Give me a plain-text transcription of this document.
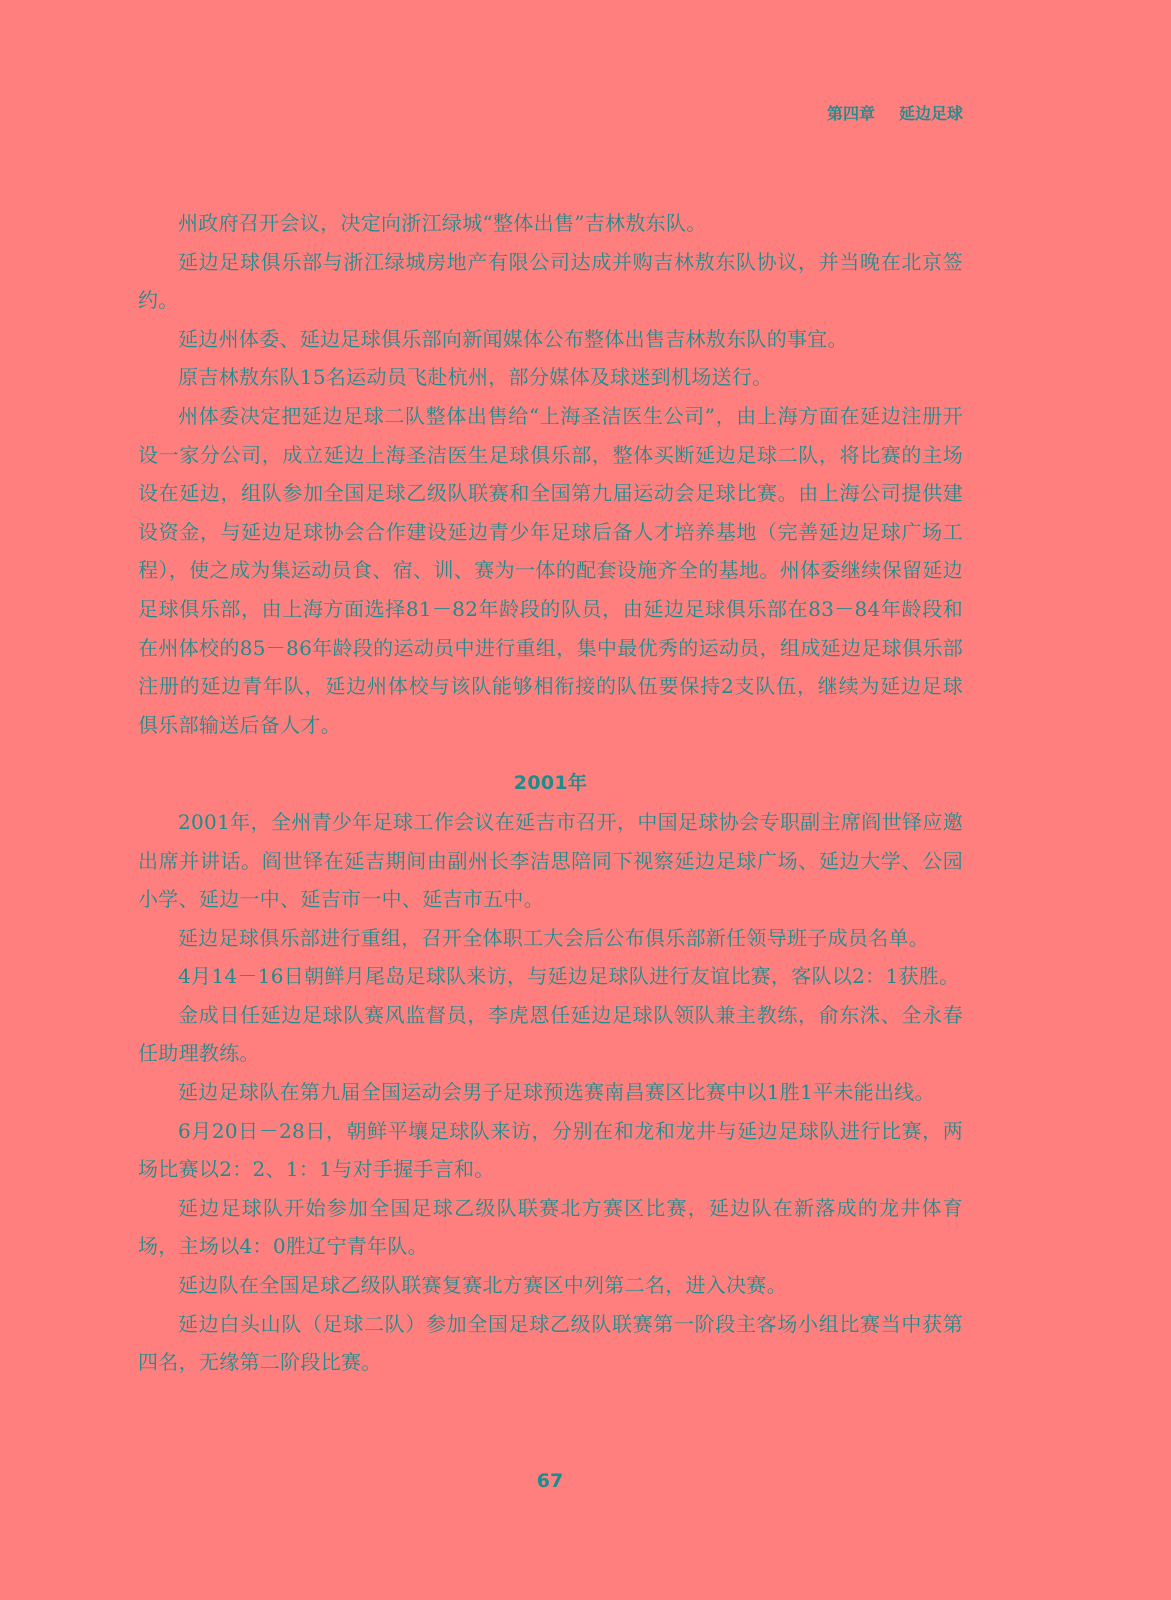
第四章 延边足球

州政府召开会议，决定向浙江绿城“整体出售”吉林敖东队。

延边足球俱乐部与浙江绿城房地产有限公司达成并购吉林敖东队协议，并当晚在北京签约。

延边州体委、延边足球俱乐部向新闻媒体公布整体出售吉林敖东队的事宜。

原吉林敖东队15名运动员飞赴杭州，部分媒体及球迷到机场送行。

州体委决定把延边足球二队整体出售给“上海圣洁医生公司”，由上海方面在延边注册开设一家分公司，成立延边上海圣洁医生足球俱乐部，整体买断延边足球二队，将比赛的主场设在延边，组队参加全国足球乙级队联赛和全国第九届运动会足球比赛。由上海公司提供建设资金，与延边足球协会合作建设延边青少年足球后备人才培养基地（完善延边足球广场工程），使之成为集运动员食、宿、训、赛为一体的配套设施齐全的基地。州体委继续保留延边足球俱乐部，由上海方面选择81－82年龄段的队员，由延边足球俱乐部在83－84年龄段和在州体校的85－86年龄段的运动员中进行重组，集中最优秀的运动员，组成延边足球俱乐部注册的延边青年队，延边州体校与该队能够相衔接的队伍要保持2支队伍，继续为延边足球俱乐部输送后备人才。

2001年

2001年，全州青少年足球工作会议在延吉市召开，中国足球协会专职副主席阎世铎应邀出席并讲话。阎世铎在延吉期间由副州长李洁思陪同下视察延边足球广场、延边大学、公园小学、延边一中、延吉市一中、延吉市五中。

延边足球俱乐部进行重组，召开全体职工大会后公布俱乐部新任领导班子成员名单。

4月14－16日朝鲜月尾岛足球队来访，与延边足球队进行友谊比赛，客队以2：1获胜。

金成日任延边足球队赛风监督员，李虎恩任延边足球队领队兼主教练，俞东洙、全永春任助理教练。

延边足球队在第九届全国运动会男子足球预选赛南昌赛区比赛中以1胜1平未能出线。

6月20日－28日，朝鲜平壤足球队来访，分别在和龙和龙井与延边足球队进行比赛，两场比赛以2：2、1：1与对手握手言和。

延边足球队开始参加全国足球乙级队联赛北方赛区比赛，延边队在新落成的龙井体育场，主场以4：0胜辽宁青年队。

延边队在全国足球乙级队联赛复赛北方赛区中列第二名，进入决赛。

延边白头山队（足球二队）参加全国足球乙级队联赛第一阶段主客场小组比赛当中获第四名，无缘第二阶段比赛。

67
